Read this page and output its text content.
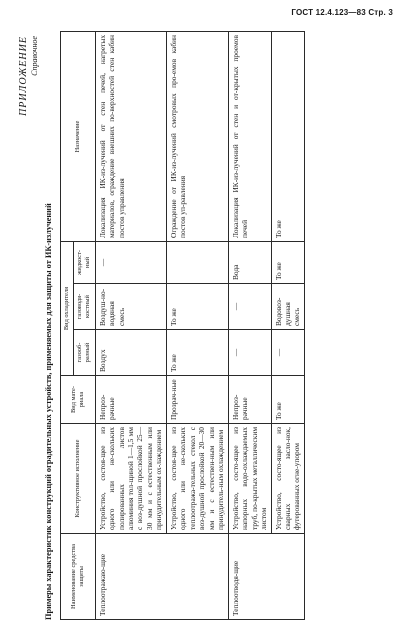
ГОСТ 12.4.123—83 Стр. 3
ПРИЛОЖЕНИЕ Справочное
Примеры характеристик конструкций оградительных устройств, применяемых для защиты от ИК-излучений	Наименование средства защиты	Конструктивное исполнение	Вид мате-риала	Вид охладителя			Назначение
			газооб-разный	газоводя-костный	жидкост-ный	
Теплоотражаю-щие	Устройство, состоя-щее из одного или не-скольких полированных листов алюминия тол-щиной 1—1,5 мм с воз-душной прослойкой 25—30 мм и с естественным или принудительным ох-лаждением	Непроз-рачные	Воздух	Воздуш-но-водяная смесь	—	Локализация ИК-из-лучений от стен печей, нагретых материалов, ограждение внешних по-верхностей стен кабин постов управления
	Устройство, состоя-щее из одного или не-скольких теплоотража-тельных стекол с воз-душной прослойкой 20—30 мм и с естествен-ным или принудитель-ным охлаждением	Прозрач-ные	То же	То же		Ограждение от ИК-из-лучений смотровых про-емов кабин постов уп-равления
Теплоотводя-щие	Устройство, состо-ящее из напорных водо-охлаждаемых труб, по-крытых металлическим листом	Непроз-рачные	—	—	Вода	Локализация ИК-из-лучений от стен и от-крытых проемов печей
	Устройство, состо-ящее из сварных засло-нок, футерованных огне-упором	То же	—	Водовоз-душная смесь	То же	То же
